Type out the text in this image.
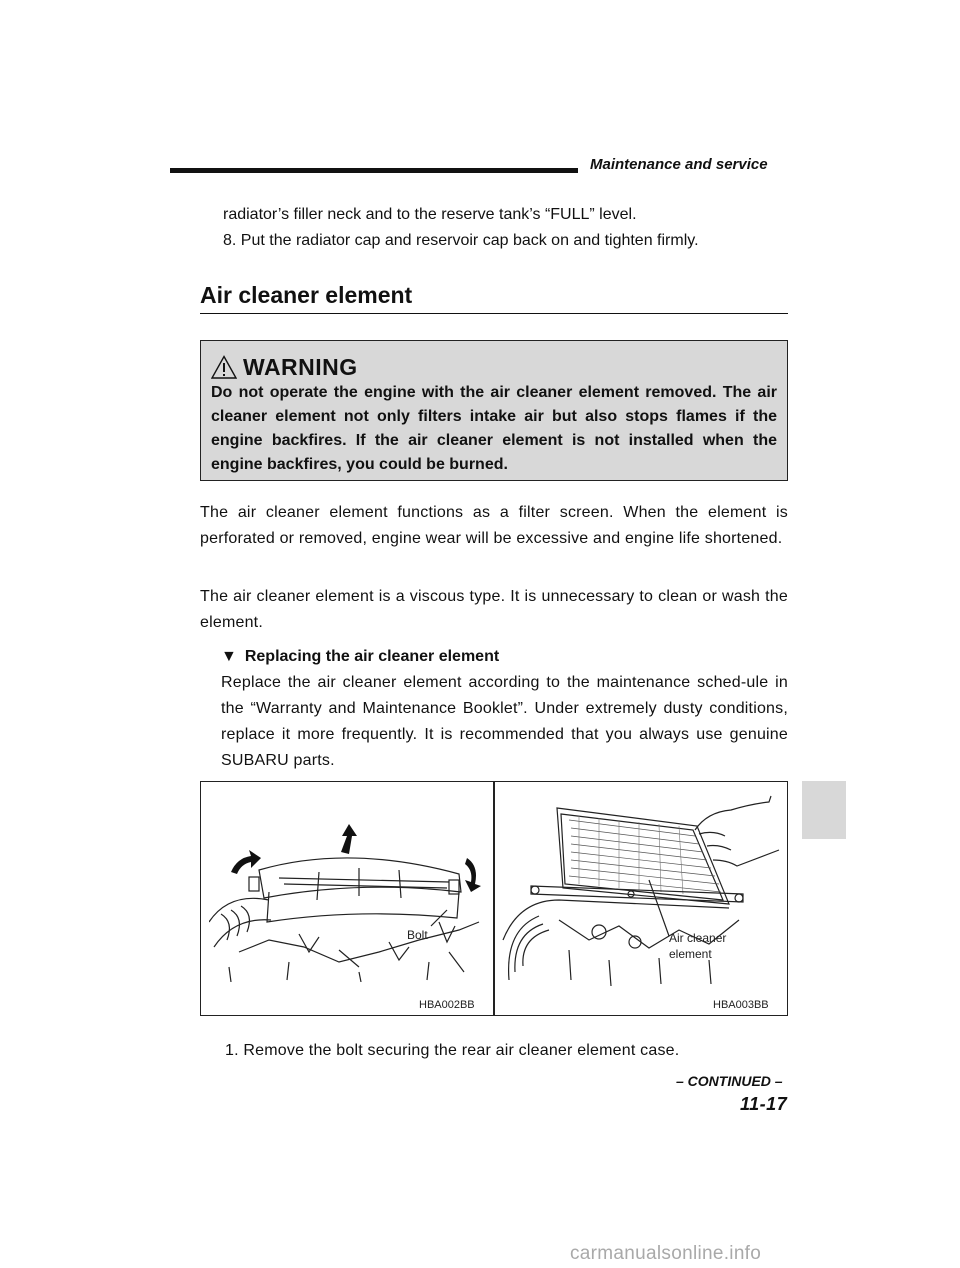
Maintenance and service
radiator’s filler neck and to the reserve tank’s “FULL” level.
8. Put the radiator cap and reservoir cap back on and tighten firmly.
Air cleaner element
WARNING
Do not operate the engine with the air cleaner element removed. The air cleaner element not only filters intake air but also stops flames if the engine backfires. If the air cleaner element is not installed when the engine backfires, you could be burned.
The air cleaner element functions as a filter screen. When the element is perforated or removed, engine wear will be excessive and engine life shortened.
The air cleaner element is a viscous type. It is unnecessary to clean or wash the element.
▼ Replacing the air cleaner element
Replace the air cleaner element according to the maintenance sched-ule in the “Warranty and Maintenance Booklet”. Under extremely dusty conditions, replace it more frequently. It is recommended that you always use genuine SUBARU parts.
Bolt
HBA002BB
Air cleaner
element
HBA003BB
1. Remove the bolt securing the rear air cleaner element case.
– CONTINUED –
11-17
carmanualsonline.info
